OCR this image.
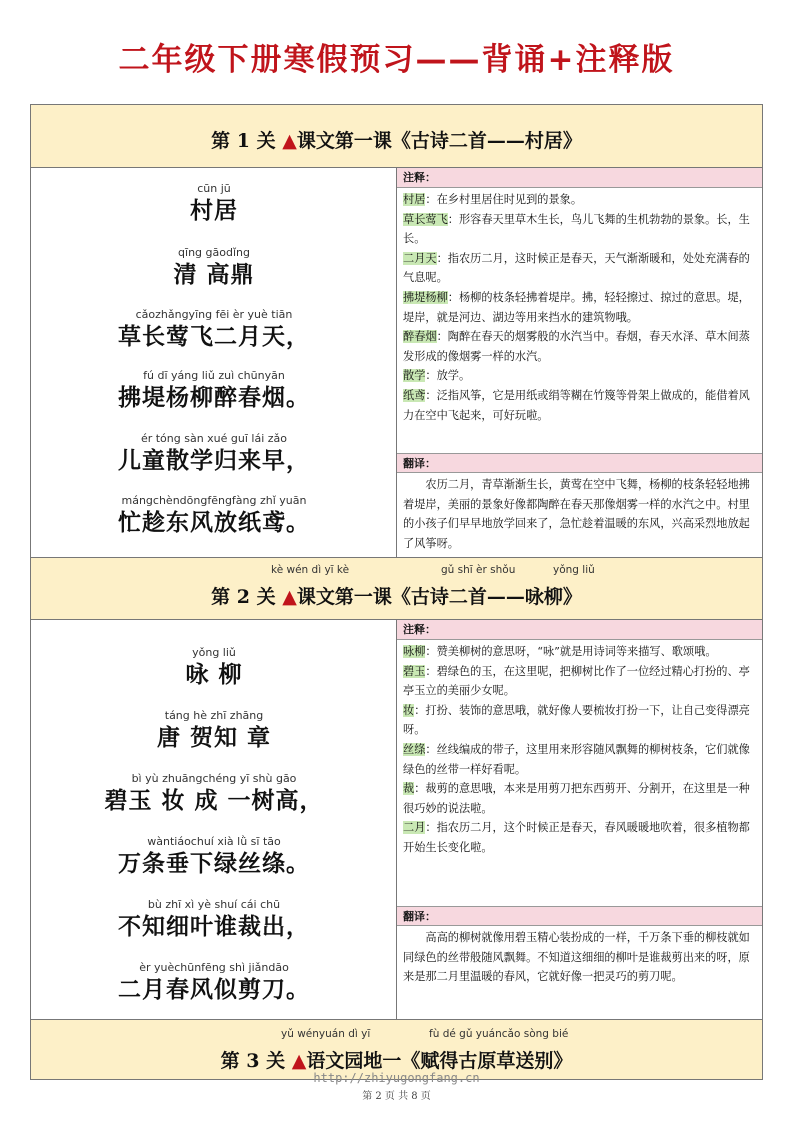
二年级下册寒假预习——背诵+注释版
第 1 关 ▲课文第一课《古诗二首——村居》
cūn jū
村居
qīng gāodǐng
清 高鼎
cǎozhǎngyīng fēi èr yuè tiān
草长莺飞二月天，
fú dī yáng liǔ zuì chūnyān
拂堤杨柳醉春烟。
ér tóng sàn xué guī lái zǎo
儿童散学归来早，
mángchèndōngfēngfàng zhǐ yuān
忙趁东风放纸鸢。
注释：

村居：在乡村里居住时见到的景象。

草长莺飞：形容春天里草木生长，鸟儿飞舞的生机勃勃的景象。长，生长。

二月天：指农历二月，这时候正是春天，天气渐渐暖和，处处充满春的气息呢。

拂堤杨柳：杨柳的枝条轻拂着堤岸。拂，轻轻擦过、掠过的意思。堤，堤岸，就是河边、湖边等用来挡水的建筑物哦。

醉春烟：陶醉在春天的烟雾般的水汽当中。春烟，春天水泽、草木间蒸发形成的像烟雾一样的水汽。

散学：放学。

纸鸢：泛指风筝，它是用纸或绢等糊在竹篾等骨架上做成的，能借着风力在空中飞起来，可好玩啦。

翻译：
农历二月，青草渐渐生长，黄莺在空中飞舞，杨柳的枝条轻轻地拂着堤岸，美丽的景象好像都陶醉在春天那像烟雾一样的水汽之中。村里的小孩子们早早地放学回来了，急忙趁着温暖的东风，兴高采烈地放起了风筝呀。
kè wén dì yī kè	gǔ shī èr shǒu	yǒng liǔ
第 2 关 ▲课文第一课《古诗二首——咏柳》
yǒng liǔ
咏 柳
táng hè zhī zhāng
唐 贺知 章
bì yù zhuāngchéng yī shù gāo
碧玉 妆 成 一树高，
wàntiáochuí xià lǜ sī tāo
万条垂下绿丝绦。
bù zhī xì yè shuí cái chū
不知细叶谁裁出，
èr yuèchūnfēng shì jiǎndāo
二月春风似剪刀。
注释：

咏柳：赞美柳树的意思呀，“咏”就是用诗词等来描写、歌颂哦。

碧玉：碧绿色的玉，在这里呢，把柳树比作了一位经过精心打扮的、亭亭玉立的美丽少女呢。

妆：打扮、装饰的意思哦，就好像人要梳妆打扮一下，让自己变得漂亮呀。

丝绦：丝线编成的带子，这里用来形容随风飘舞的柳树枝条，它们就像绿色的丝带一样好看呢。

裁：裁剪的意思哦，本来是用剪刀把东西剪开、分割开，在这里是一种很巧妙的说法啦。

二月：指农历二月，这个时候正是春天，春风暖暖地吹着，很多植物都开始生长变化啦。

翻译：
高高的柳树就像用碧玉精心装扮成的一样，千万条下垂的柳枝就如同绿色的丝带般随风飘舞。不知道这细细的柳叶是谁裁剪出来的呀，原来是那二月里温暖的春风，它就好像一把灵巧的剪刀呢。
yǔ wényuán dì yī	fù dé gǔ yuáncǎo sòng bié
第 3 关 ▲语文园地一《赋得古原草送别》
http://zhiyugongfang.cn
第 2 页 共 8 页
